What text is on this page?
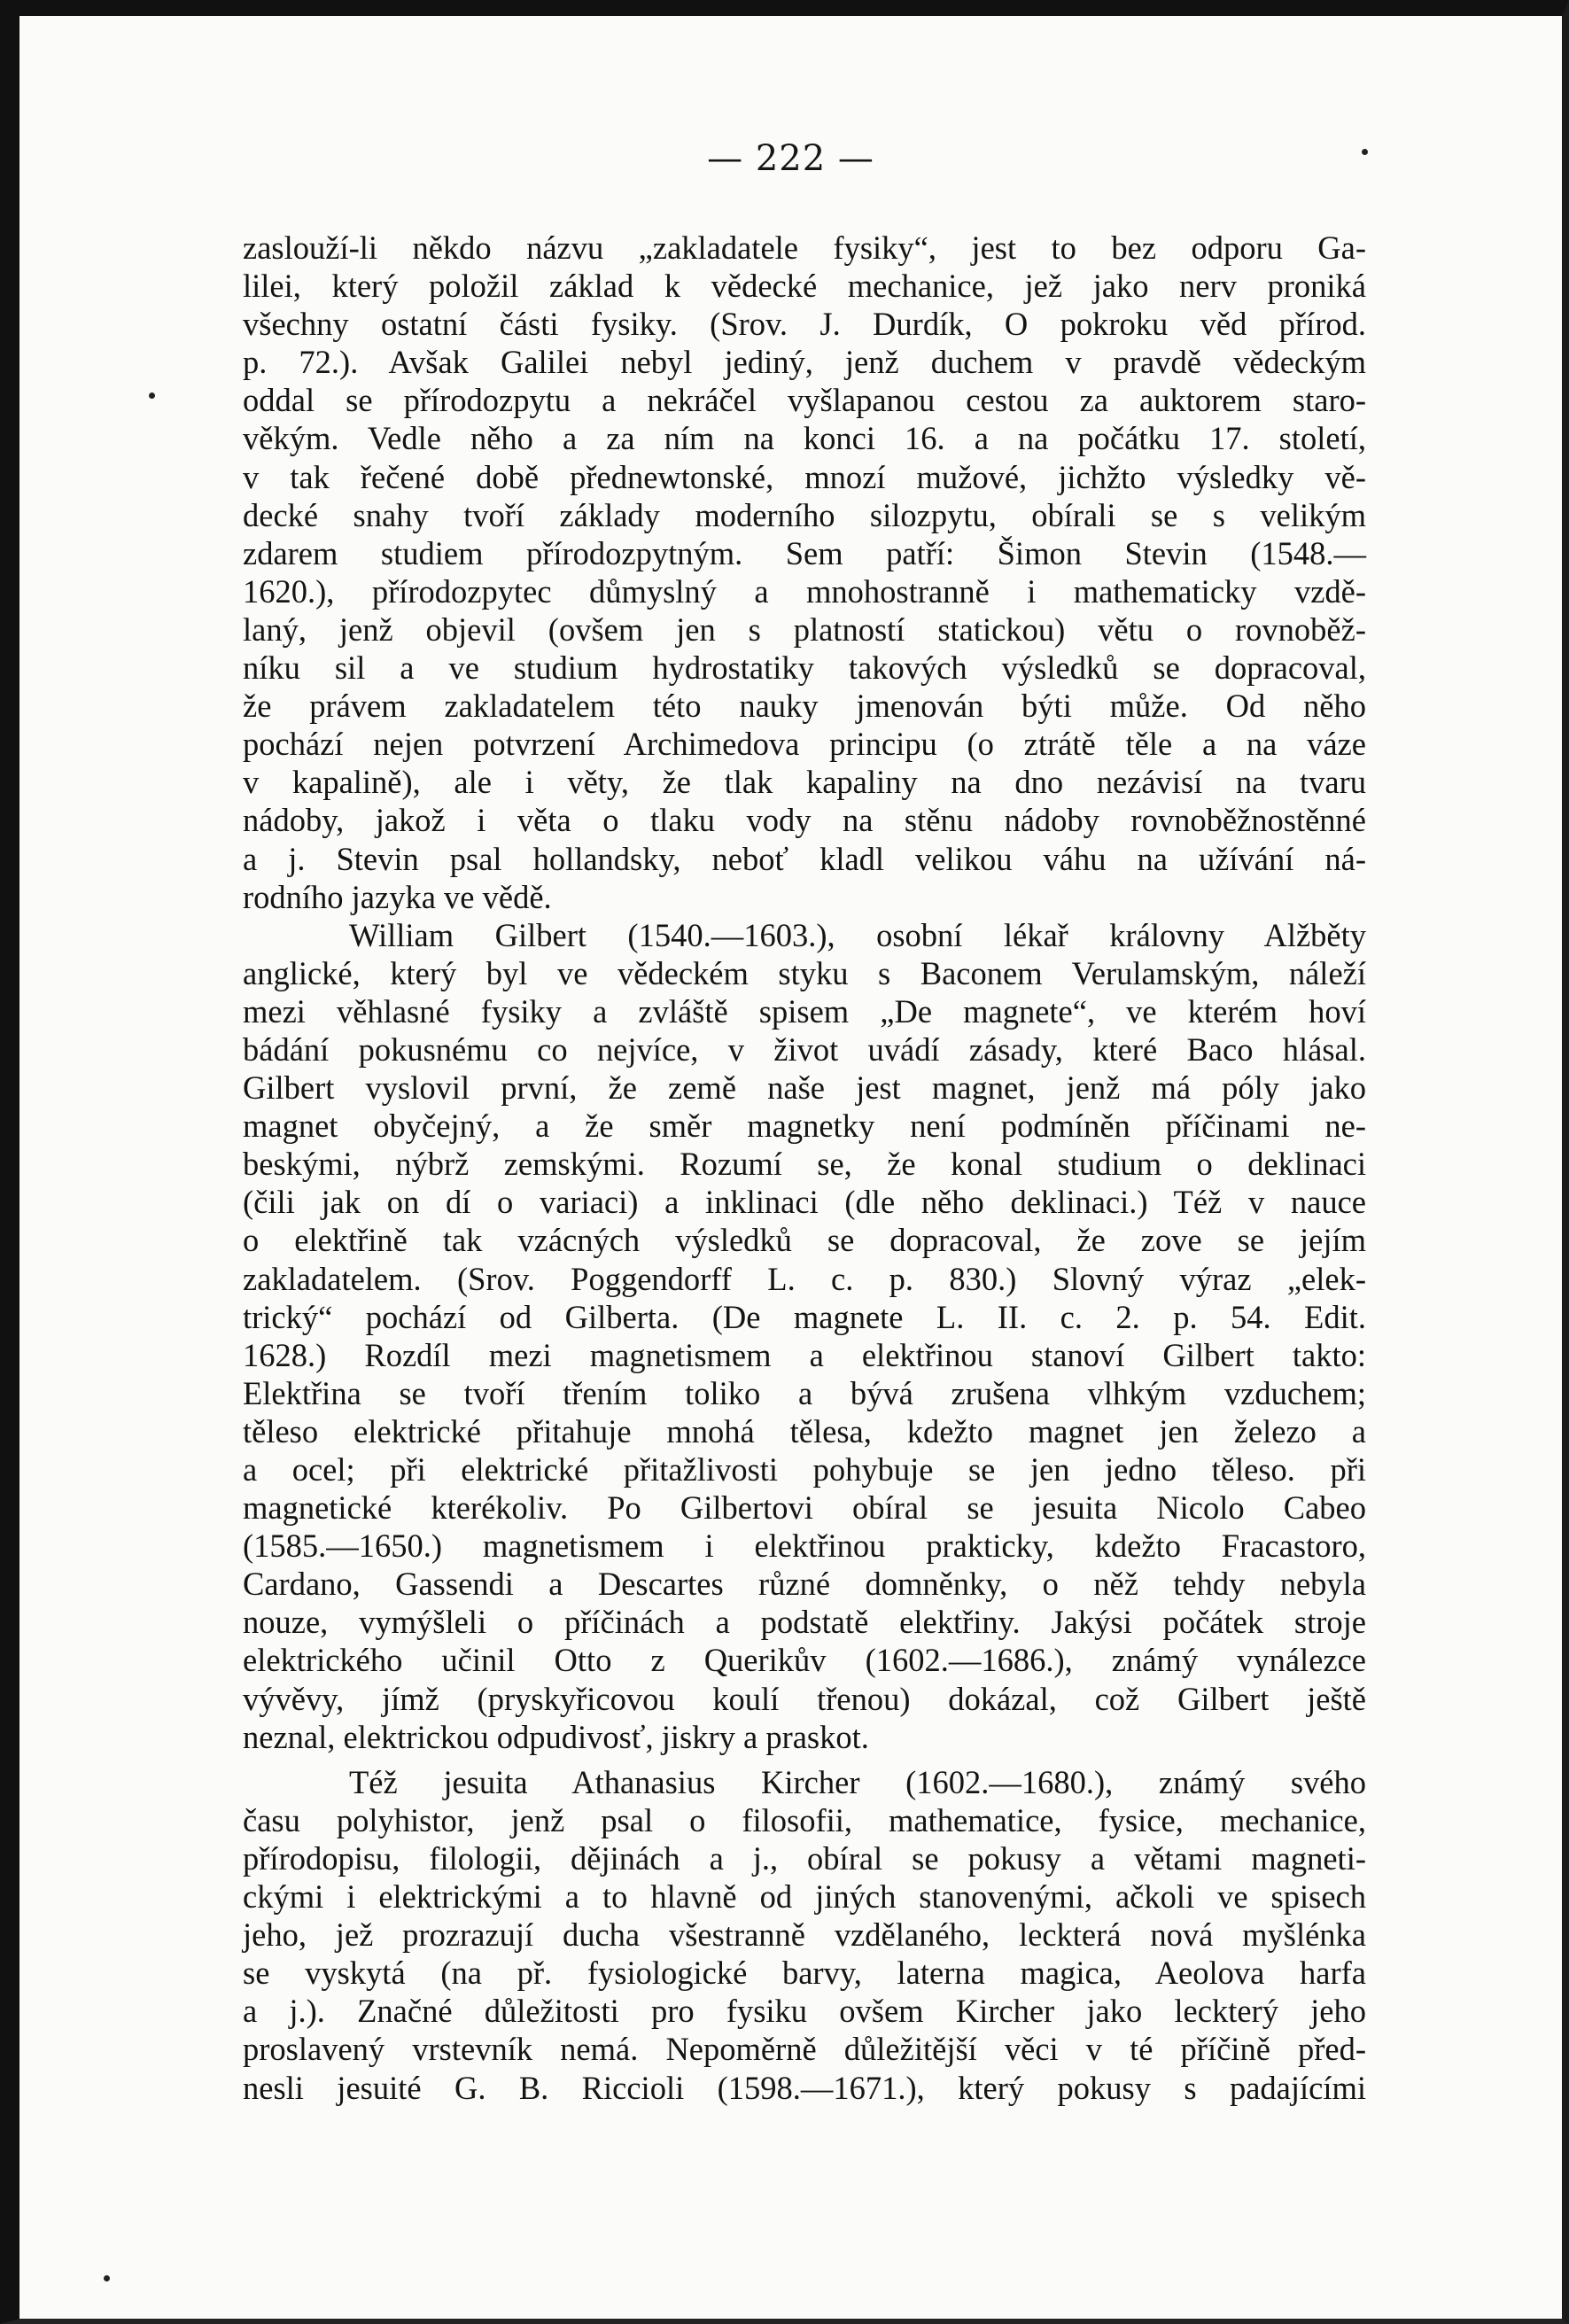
— 222 —
zaslouží-li někdo názvu „zakladatele fysiky“, jest to bez odporu Ga-
lilei, který položil základ k vědecké mechanice, jež jako nerv proniká
všechny ostatní části fysiky. (Srov. J. Durdík, O pokroku věd přírod.
p. 72.). Avšak Galilei nebyl jediný, jenž duchem v pravdě vědeckým
oddal se přírodozpytu a nekráčel vyšlapanou cestou za auktorem staro-
věkým. Vedle něho a za ním na konci 16. a na počátku 17. století,
v tak řečené době přednewtonské, mnozí mužové, jichžto výsledky vě-
decké snahy tvoří základy moderního silozpytu, obírali se s velikým
zdarem studiem přírodozpytným. Sem patří: Šimon Stevin (1548.—
1620.), přírodozpytec důmyslný a mnohostranně i mathematicky vzdě-
laný, jenž objevil (ovšem jen s platností statickou) větu o rovnoběž-
níku sil a ve studium hydrostatiky takových výsledků se dopracoval,
že právem zakladatelem této nauky jmenován býti může. Od něho
pochází nejen potvrzení Archimedova principu (o ztrátě těle a na váze
v kapalině), ale i věty, že tlak kapaliny na dno nezávisí na tvaru
nádoby, jakož i věta o tlaku vody na stěnu nádoby rovnoběžnostěnné
a j. Stevin psal hollandsky, neboť kladl velikou váhu na užívání ná-
rodního jazyka ve vědě.
William Gilbert (1540.—1603.), osobní lékař královny Alžběty
anglické, který byl ve vědeckém styku s Baconem Verulamským, náleží
mezi věhlasné fysiky a zvláště spisem „De magnete“, ve kterém hoví
bádání pokusnému co nejvíce, v život uvádí zásady, které Baco hlásal.
Gilbert vyslovil první, že země naše jest magnet, jenž má póly jako
magnet obyčejný, a že směr magnetky není podmíněn příčinami ne-
beskými, nýbrž zemskými. Rozumí se, že konal studium o deklinaci
(čili jak on dí o variaci) a inklinaci (dle něho deklinaci.) Též v nauce
o elektřině tak vzácných výsledků se dopracoval, že zove se jejím
zakladatelem. (Srov. Poggendorff L. c. p. 830.) Slovný výraz „elek-
trický“ pochází od Gilberta. (De magnete L. II. c. 2. p. 54. Edit.
1628.) Rozdíl mezi magnetismem a elektřinou stanoví Gilbert takto:
Elektřina se tvoří třením toliko a bývá zrušena vlhkým vzduchem;
těleso elektrické přitahuje mnohá tělesa, kdežto magnet jen železo a
a ocel; při elektrické přitažlivosti pohybuje se jen jedno těleso. při
magnetické kterékoliv. Po Gilbertovi obíral se jesuita Nicolo Cabeo
(1585.—1650.) magnetismem i elektřinou prakticky, kdežto Fracastoro,
Cardano, Gassendi a Descartes různé domněnky, o něž tehdy nebyla
nouze, vymýšleli o příčinách a podstatě elektřiny. Jakýsi počátek stroje
elektrického učinil Otto z Querikův (1602.—1686.), známý vynálezce
vývěvy, jímž (pryskyřicovou koulí třenou) dokázal, což Gilbert ještě
neznal, elektrickou odpudivosť, jiskry a praskot.
Též jesuita Athanasius Kircher (1602.—1680.), známý svého
času polyhistor, jenž psal o filosofii, mathematice, fysice, mechanice,
přírodopisu, filologii, dějinách a j., obíral se pokusy a větami magneti-
ckými i elektrickými a to hlavně od jiných stanovenými, ačkoli ve spisech
jeho, jež prozrazují ducha všestranně vzdělaného, leckterá nová myšlénka
se vyskytá (na př. fysiologické barvy, laterna magica, Aeolova harfa
a j.). Značné důležitosti pro fysiku ovšem Kircher jako leckterý jeho
proslavený vrstevník nemá. Nepoměrně důležitější věci v té příčině před-
nesli jesuité G. B. Riccioli (1598.—1671.), který pokusy s padajícími
